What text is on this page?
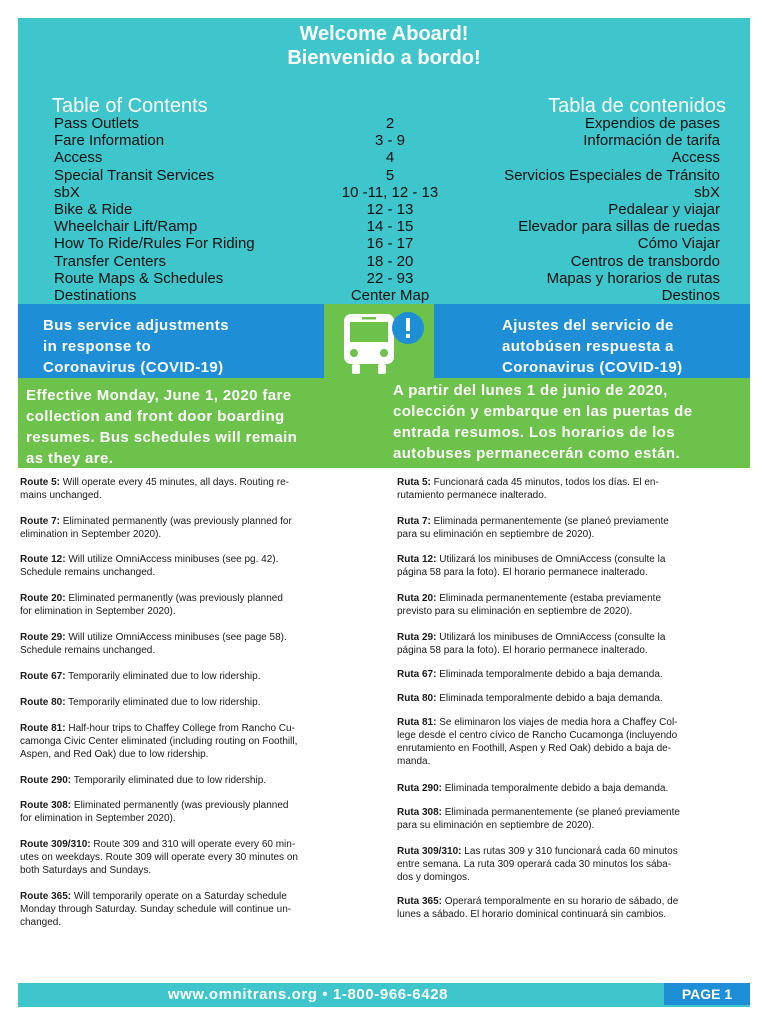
Welcome Aboard!
Bienvenido a bordo!
Table of Contents	Tabla de contenidos
Pass Outlets	2	Expendios de pases
Fare Information	3 - 9	Información de tarifa
Access	4	Access
Special Transit Services	5	Servicios Especiales de Tránsito
sbX	10 -11, 12 - 13	sbX
Bike & Ride	12 - 13	Pedalear y viajar
Wheelchair Lift/Ramp	14 - 15	Elevador para sillas de ruedas
How To Ride/Rules For Riding	16 - 17	Cómo Viajar
Transfer Centers	18 - 20	Centros de transbordo
Route Maps & Schedules	22 - 93	Mapas y horarios de rutas
Destinations	Center Map	Destinos
Bus service adjustments
in response to
Coronavirus (COVID-19)
Ajustes del servicio de
autobúsen respuesta a
Coronavirus (COVID-19)
Effective Monday, June 1, 2020 fare
collection and front door boarding
resumes. Bus schedules will remain
as they are.
A partir del lunes 1 de junio de 2020,
colección y embarque en las puertas de
entrada resumos. Los horarios de los
autobuses permanecerán como están.
Route 5: Will operate every 45 minutes, all days. Routing re-
mains unchanged.
Route 7: Eliminated permanently (was previously planned for
elimination in September 2020).
Route 12: Will utilize OmniAccess minibuses (see pg. 42).
Schedule remains unchanged.
Route 20: Eliminated permanently (was previously planned
for elimination in September 2020).
Route 29: Will utilize OmniAccess minibuses (see page 58).
Schedule remains unchanged.
Route 67: Temporarily eliminated due to low ridership.
Route 80: Temporarily eliminated due to low ridership.
Route 81: Half-hour trips to Chaffey College from Rancho Cu-
camonga Civic Center eliminated (including routing on Foothill,
Aspen, and Red Oak) due to low ridership.
Route 290: Temporarily eliminated due to low ridership.
Route 308: Eliminated permanently (was previously planned
for elimination in September 2020).
Route 309/310: Route 309 and 310 will operate every 60 min-
utes on weekdays. Route 309 will operate every 30 minutes on
both Saturdays and Sundays.
Route 365: Will temporarily operate on a Saturday schedule
Monday through Saturday. Sunday schedule will continue un-
changed.
Ruta 5: Funcionará cada 45 minutos, todos los días. El en-
rutamiento permanece inalterado.
Ruta 7: Eliminada permanentemente (se planeó previamente
para su eliminación en septiembre de 2020).
Ruta 12: Utilizará los minibuses de OmniAccess (consulte la
página 58 para la foto). El horario permanece inalterado.
Ruta 20: Eliminada permanentemente (estaba previamente
previsto para su eliminación en septiembre de 2020).
Ruta 29: Utilizará los minibuses de OmniAccess (consulte la
página 58 para la foto). El horario permanece inalterado.
Ruta 67: Eliminada temporalmente debido a baja demanda.
Ruta 80: Eliminada temporalmente debido a baja demanda.
Ruta 81: Se eliminaron los viajes de media hora a Chaffey Col-
lege desde el centro cívico de Rancho Cucamonga (incluyendo
enrutamiento en Foothill, Aspen y Red Oak) debido a baja de-
manda.
Ruta 290: Eliminada temporalmente debido a baja demanda.
Ruta 308: Eliminada permanentemente (se planeó previamente
para su eliminación en septiembre de 2020).
Ruta 309/310: Las rutas 309 y 310 funcionará cada 60 minutos
entre semana. La ruta 309 operará cada 30 minutos los sába-
dos y domingos.
Ruta 365: Operará temporalmente en su horario de sábado, de
lunes a sábado. El horario dominical continuará sin cambios.
www.omnitrans.org • 1-800-966-6428	PAGE 1
